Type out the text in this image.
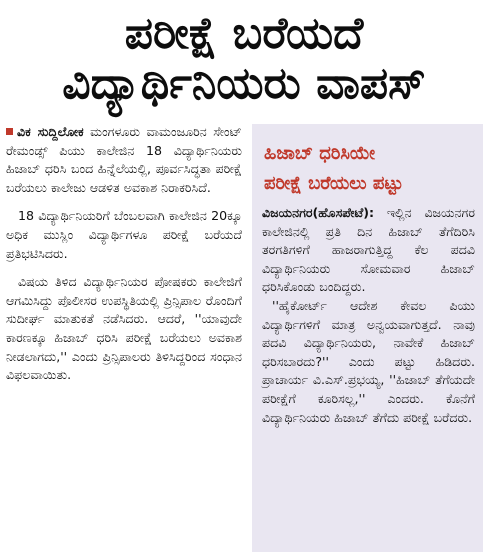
ಪರೀಕ್ಷೆ ಬರೆಯದೆ
ವಿದ್ಯಾರ್ಥಿನಿಯರು ವಾಪಸ್

ವಿಕ ಸುದ್ದಿಲೋಕ ಮಂಗಳೂರು ವಾಮಂಜೂರಿನ ಸೇಂಟ್ ರೇಮಂಡ್ಸ್ ಪಿಯು ಕಾಲೇಜಿನ 18 ವಿದ್ಯಾರ್ಥಿನಿಯರು ಹಿಜಾಬ್ ಧರಿಸಿ ಬಂದ ಹಿನ್ನೆಲೆಯಲ್ಲಿ, ಪೂರ್ವಸಿದ್ಧತಾ ಪರೀಕ್ಷೆ ಬರೆಯಲು ಕಾಲೇಜು ಆಡಳಿತ ಅವಕಾಶ ನಿರಾಕರಿಸಿದೆ.

18 ವಿದ್ಯಾರ್ಥಿನಿಯರಿಗೆ ಬೆಂಬಲವಾಗಿ ಕಾಲೇಜಿನ 20ಕ್ಕೂ ಅಧಿಕ ಮುಸ್ಲಿಂ ವಿದ್ಯಾರ್ಥಿಗಳೂ ಪರೀಕ್ಷೆ ಬರೆಯದೆ ಪ್ರತಿಭಟಿಸಿದರು.

ವಿಷಯ ತಿಳಿದ ವಿದ್ಯಾರ್ಥಿನಿಯರ ಪೋಷಕರು ಕಾಲೇಜಿಗೆ ಆಗಮಿಸಿದ್ದು ಪೊಲೀಸರ ಉಪಸ್ಥಿತಿಯಲ್ಲಿ ಪ್ರಿನ್ಸಿಪಾಲ ರೊಂದಿಗೆ ಸುದೀರ್ಘ ಮಾತುಕತೆ ನಡೆಸಿದರು. ಆದರೆ, ''ಯಾವುದೇ ಕಾರಣಕ್ಕೂ ಹಿಜಾಬ್ ಧರಿಸಿ ಪರೀಕ್ಷೆ ಬರೆಯಲು ಅವಕಾಶ ನೀಡಲಾಗದು,'' ಎಂದು ಪ್ರಿನ್ಸಿಪಾಲರು ತಿಳಿಸಿದ್ದರಿಂದ ಸಂಧಾನ ವಿಫಲವಾಯಿತು.

ಹಿಜಾಬ್ ಧರಿಸಿಯೇ
ಪರೀಕ್ಷೆ ಬರೆಯಲು ಪಟ್ಟು

ವಿಜಯನಗರ(ಹೊಸಪೇಟೆ): ಇಲ್ಲಿನ ವಿಜಯನಗರ ಕಾಲೇಜಿನಲ್ಲಿ ಪ್ರತಿ ದಿನ ಹಿಜಾಬ್ ತೆಗೆದಿರಿಸಿ ತರಗತಿಗಳಿಗೆ ಹಾಜರಾಗುತ್ತಿದ್ದ ಕೆಲ ಪದವಿ ವಿದ್ಯಾರ್ಥಿನಿಯರು ಸೋಮವಾರ ಹಿಜಾಬ್ ಧರಿಸಿಕೊಂಡು ಬಂದಿದ್ದರು.

''ಹೈಕೋರ್ಟ್ ಆದೇಶ ಕೇವಲ ಪಿಯು ವಿದ್ಯಾರ್ಥಿಗಳಿಗೆ ಮಾತ್ರ ಅನ್ವಯವಾಗುತ್ತದೆ. ನಾವು ಪದವಿ ವಿದ್ಯಾರ್ಥಿನಿಯರು, ನಾವೇಕೆ ಹಿಜಾಬ್ ಧರಿಸಬಾರದು?'' ಎಂದು ಪಟ್ಟು ಹಿಡಿದರು. ಪ್ರಾಚಾರ್ಯ ವಿ.ಎಸ್.ಪ್ರಭಯ್ಯ, ''ಹಿಜಾಬ್ ತೆಗೆಯದೇ ಪರೀಕ್ಷೆಗೆ ಕೂರಿಸಲ್ಲ,'' ಎಂದರು. ಕೊನೆಗೆ ವಿದ್ಯಾರ್ಥಿನಿಯರು ಹಿಜಾಬ್ ತೆಗೆದು ಪರೀಕ್ಷೆ ಬರೆದರು.
